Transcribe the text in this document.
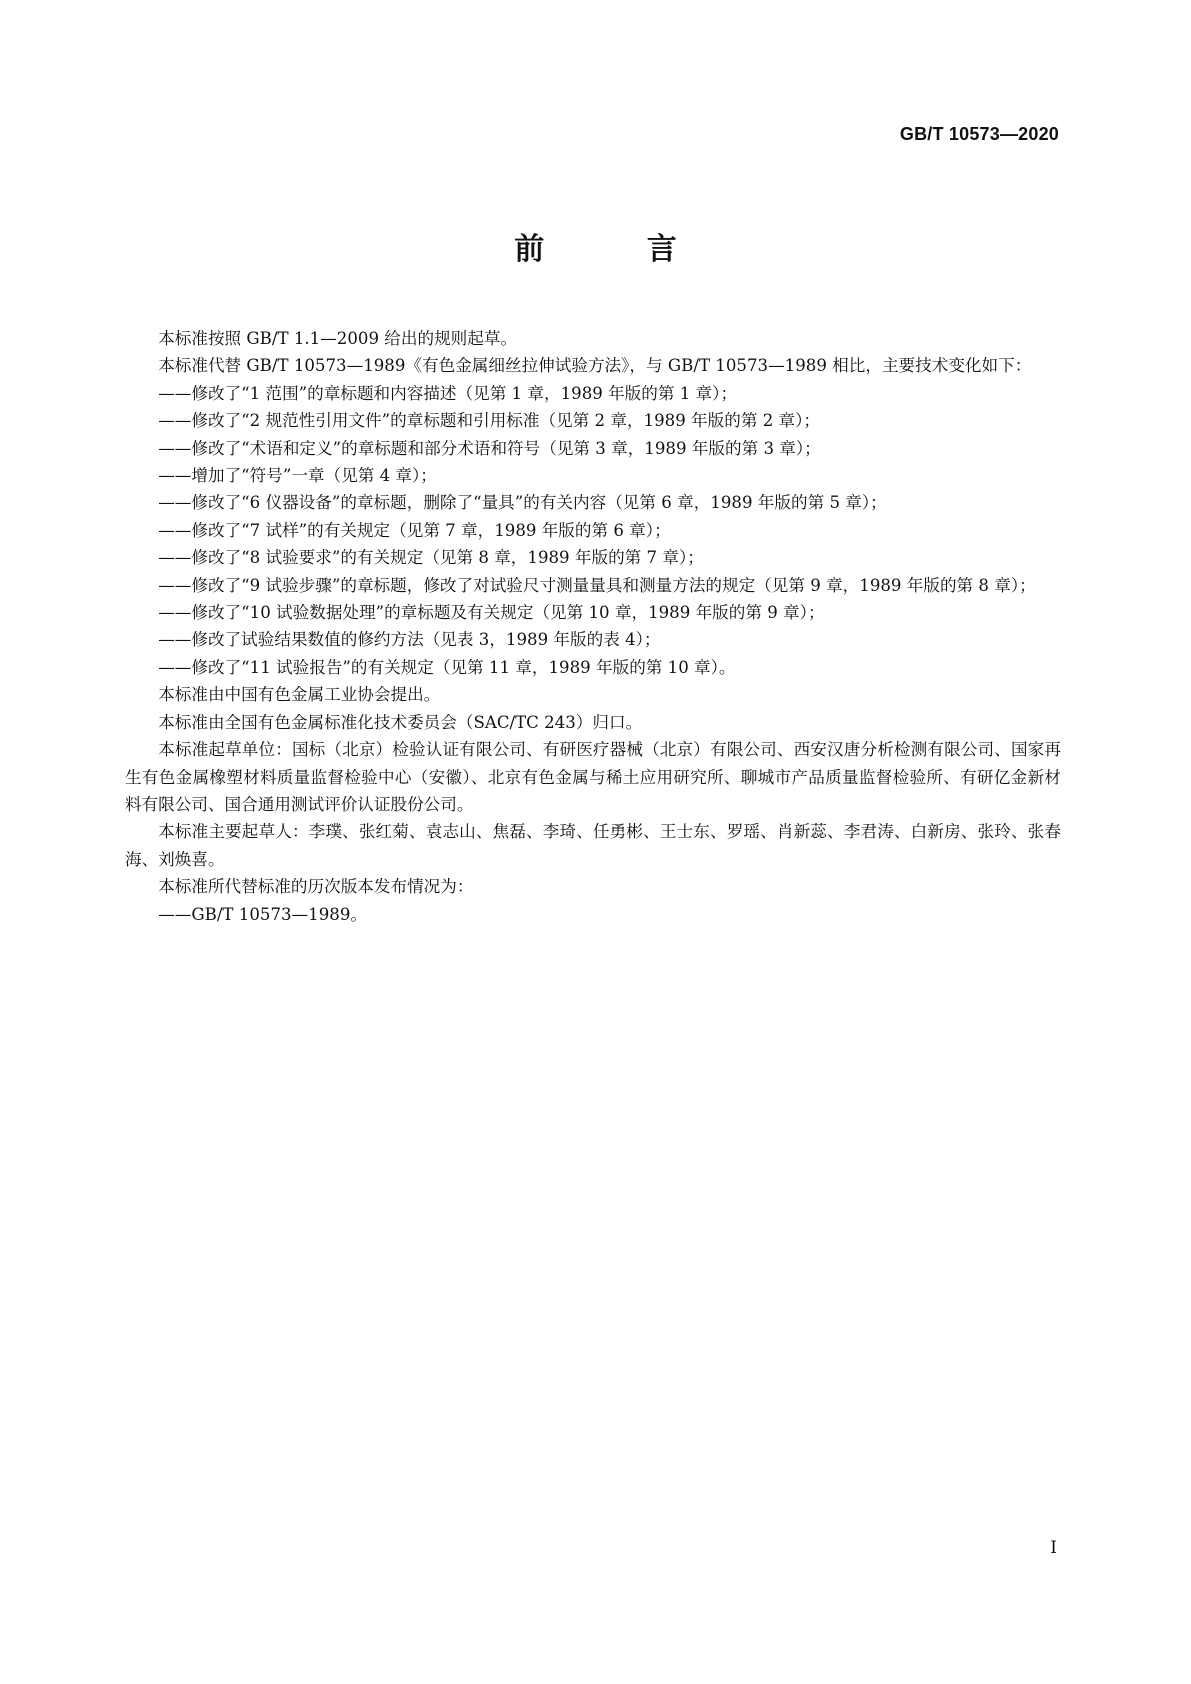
GB/T 10573—2020
前 言

本标准按照 GB/T 1.1—2009 给出的规则起草。

本标准代替 GB/T 10573—1989《有色金属细丝拉伸试验方法》，与 GB/T 10573—1989 相比，主要技术变化如下：

——修改了“1 范围”的章标题和内容描述（见第 1 章，1989 年版的第 1 章）；

——修改了“2 规范性引用文件”的章标题和引用标准（见第 2 章，1989 年版的第 2 章）；

——修改了“术语和定义”的章标题和部分术语和符号（见第 3 章，1989 年版的第 3 章）；

——增加了“符号”一章（见第 4 章）；

——修改了“6 仪器设备”的章标题，删除了“量具”的有关内容（见第 6 章，1989 年版的第 5 章）；

——修改了“7 试样”的有关规定（见第 7 章，1989 年版的第 6 章）；

——修改了“8 试验要求”的有关规定（见第 8 章，1989 年版的第 7 章）；

——修改了“9 试验步骤”的章标题，修改了对试验尺寸测量量具和测量方法的规定（见第 9 章，1989 年版的第 8 章）；

——修改了“10 试验数据处理”的章标题及有关规定（见第 10 章，1989 年版的第 9 章）；

——修改了试验结果数值的修约方法（见表 3，1989 年版的表 4）；

——修改了“11 试验报告”的有关规定（见第 11 章，1989 年版的第 10 章）。

本标准由中国有色金属工业协会提出。

本标准由全国有色金属标准化技术委员会（SAC/TC 243）归口。

本标准起草单位：国标（北京）检验认证有限公司、有研医疗器械（北京）有限公司、西安汉唐分析检测有限公司、国家再生有色金属橡塑材料质量监督检验中心（安徽）、北京有色金属与稀土应用研究所、聊城市产品质量监督检验所、有研亿金新材料有限公司、国合通用测试评价认证股份公司。

本标准主要起草人：李璞、张红菊、袁志山、焦磊、李琦、任勇彬、王士东、罗瑶、肖新蕊、李君涛、白新房、张玲、张春海、刘焕喜。

本标准所代替标准的历次版本发布情况为：

——GB/T 10573—1989。

I
